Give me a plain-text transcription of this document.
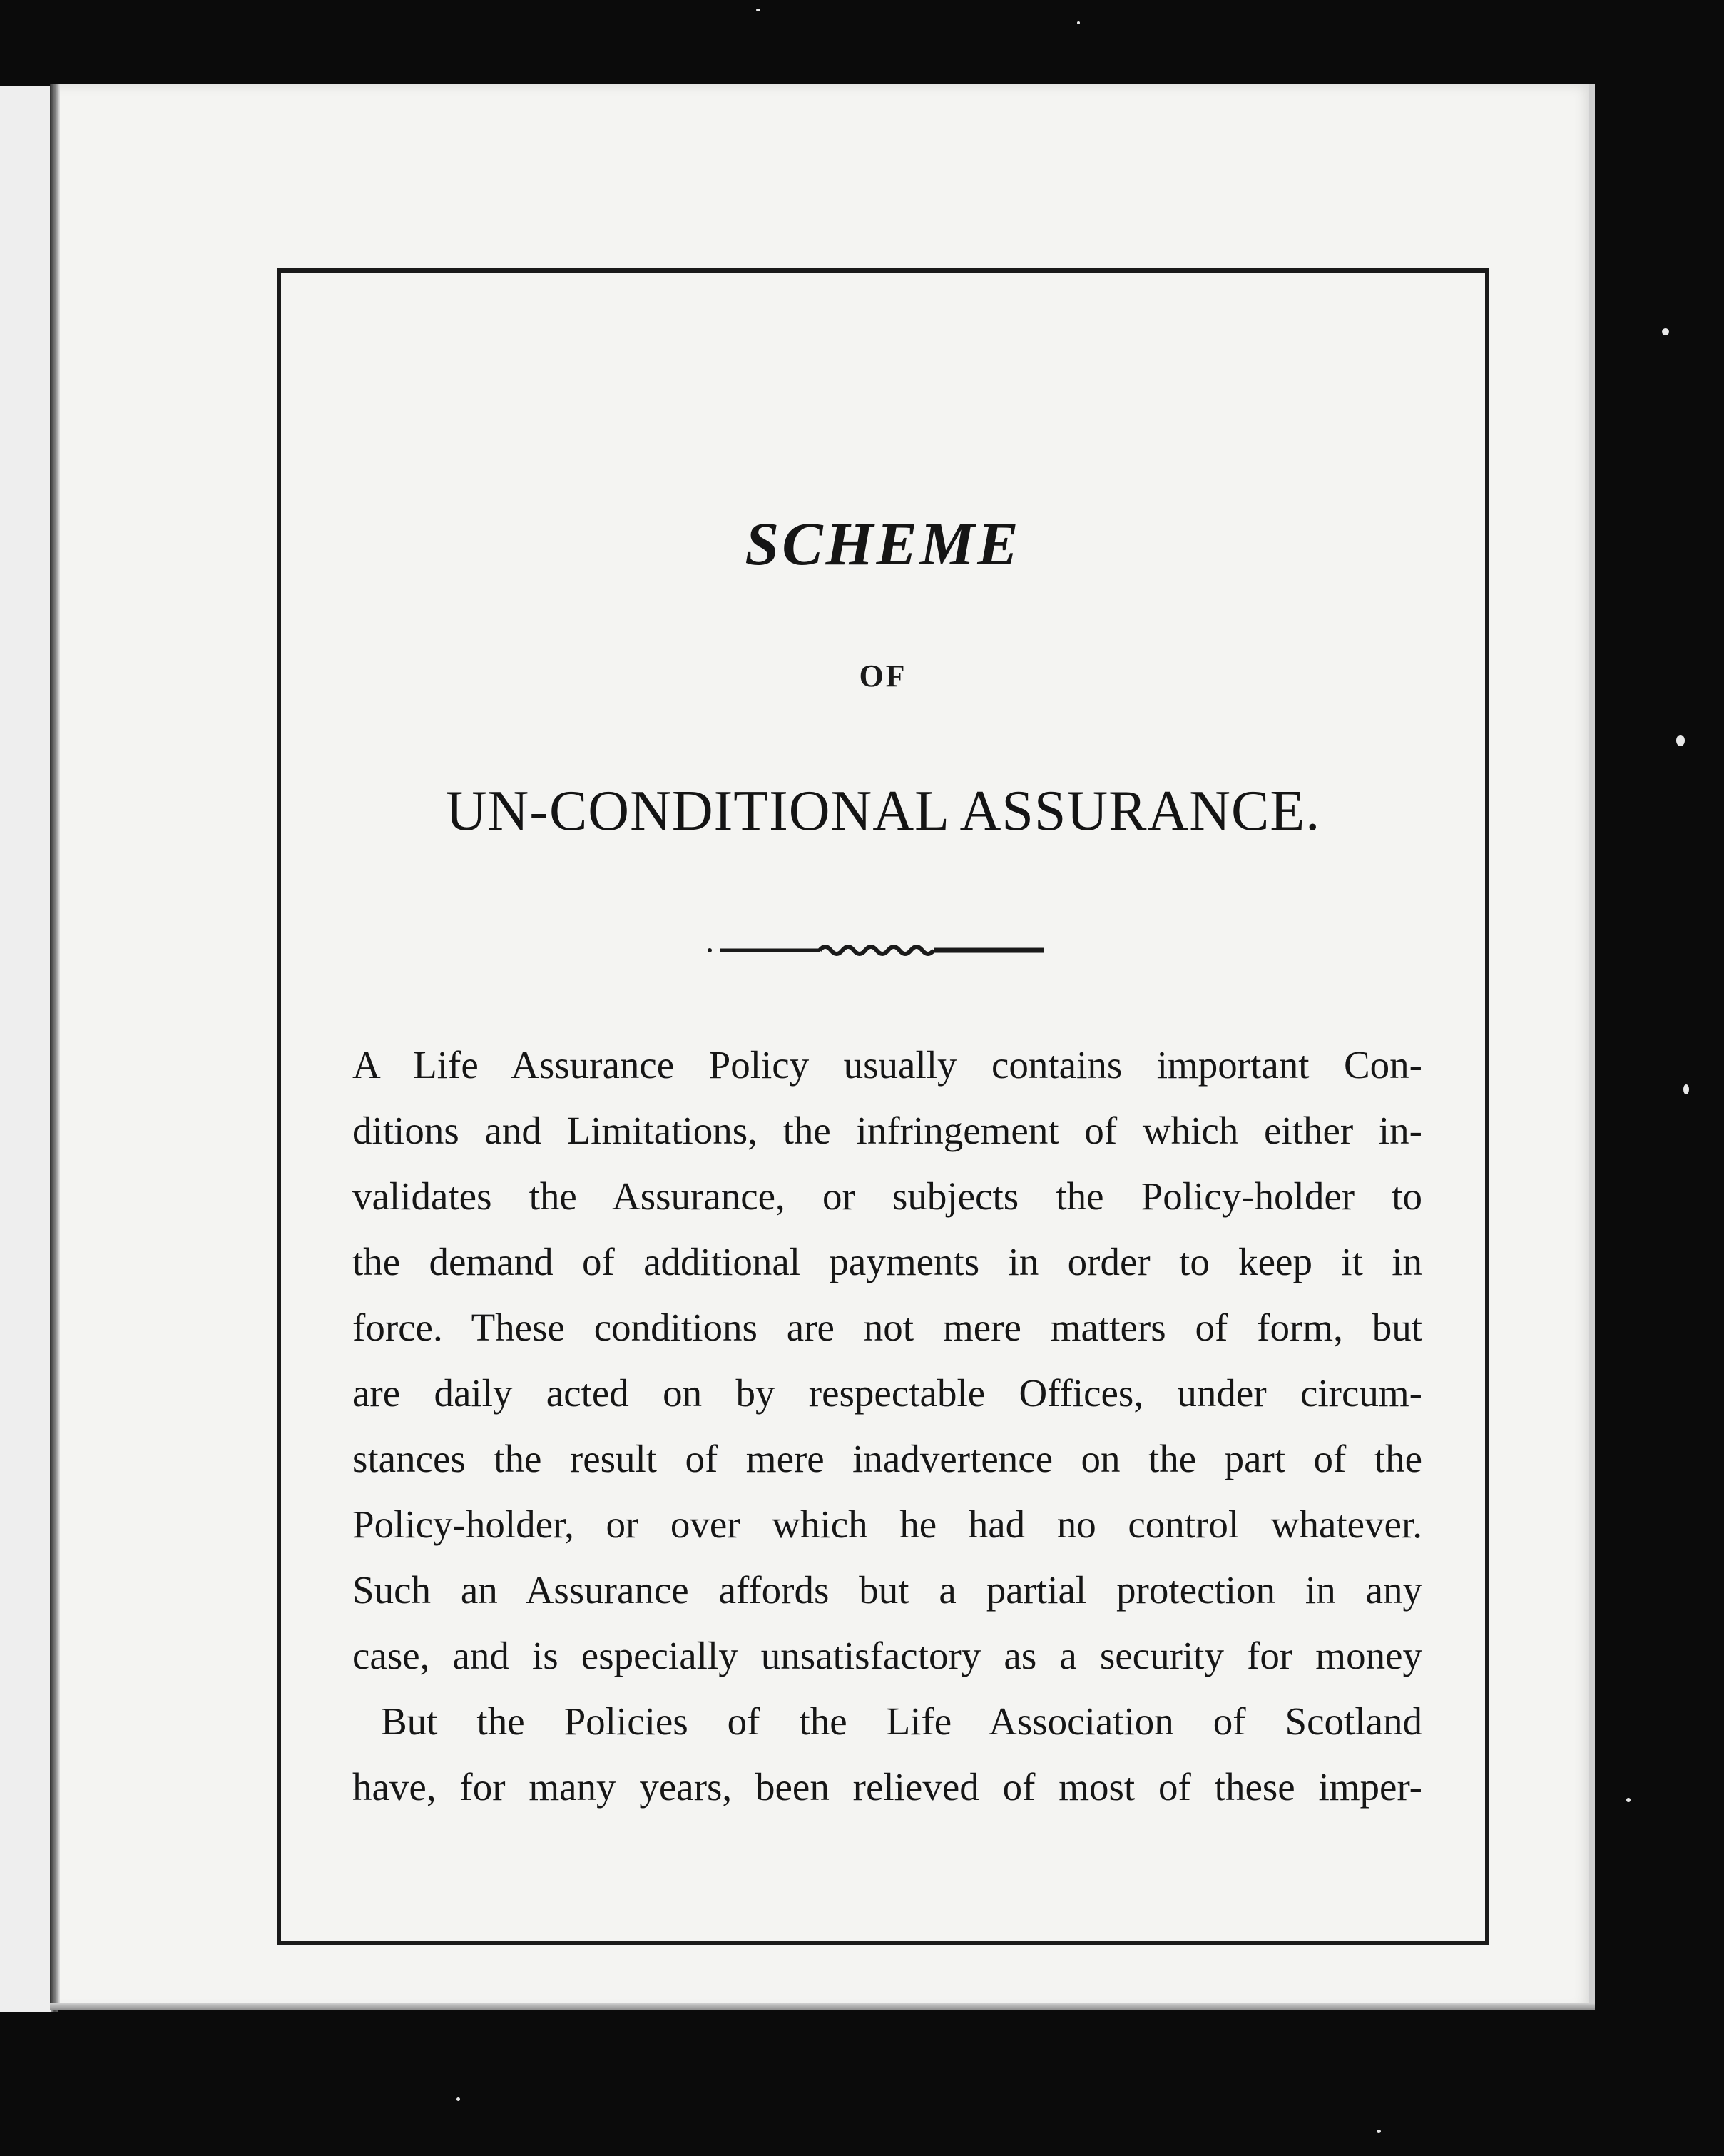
SCHEME
OF
UN-CONDITIONAL ASSURANCE.
A Life Assurance Policy usually contains important Con-
ditions and Limitations, the infringement of which either in-
validates the Assurance, or subjects the Policy-holder to
the demand of additional payments in order to keep it in
force. These conditions are not mere matters of form, but
are daily acted on by respectable Offices, under circum-
stances the result of mere inadvertence on the part of the
Policy-holder, or over which he had no control whatever.
Such an Assurance affords but a partial protection in any
case, and is especially unsatisfactory as a security for money
But the Policies of the Life Association of Scotland
have, for many years, been relieved of most of these imper-
